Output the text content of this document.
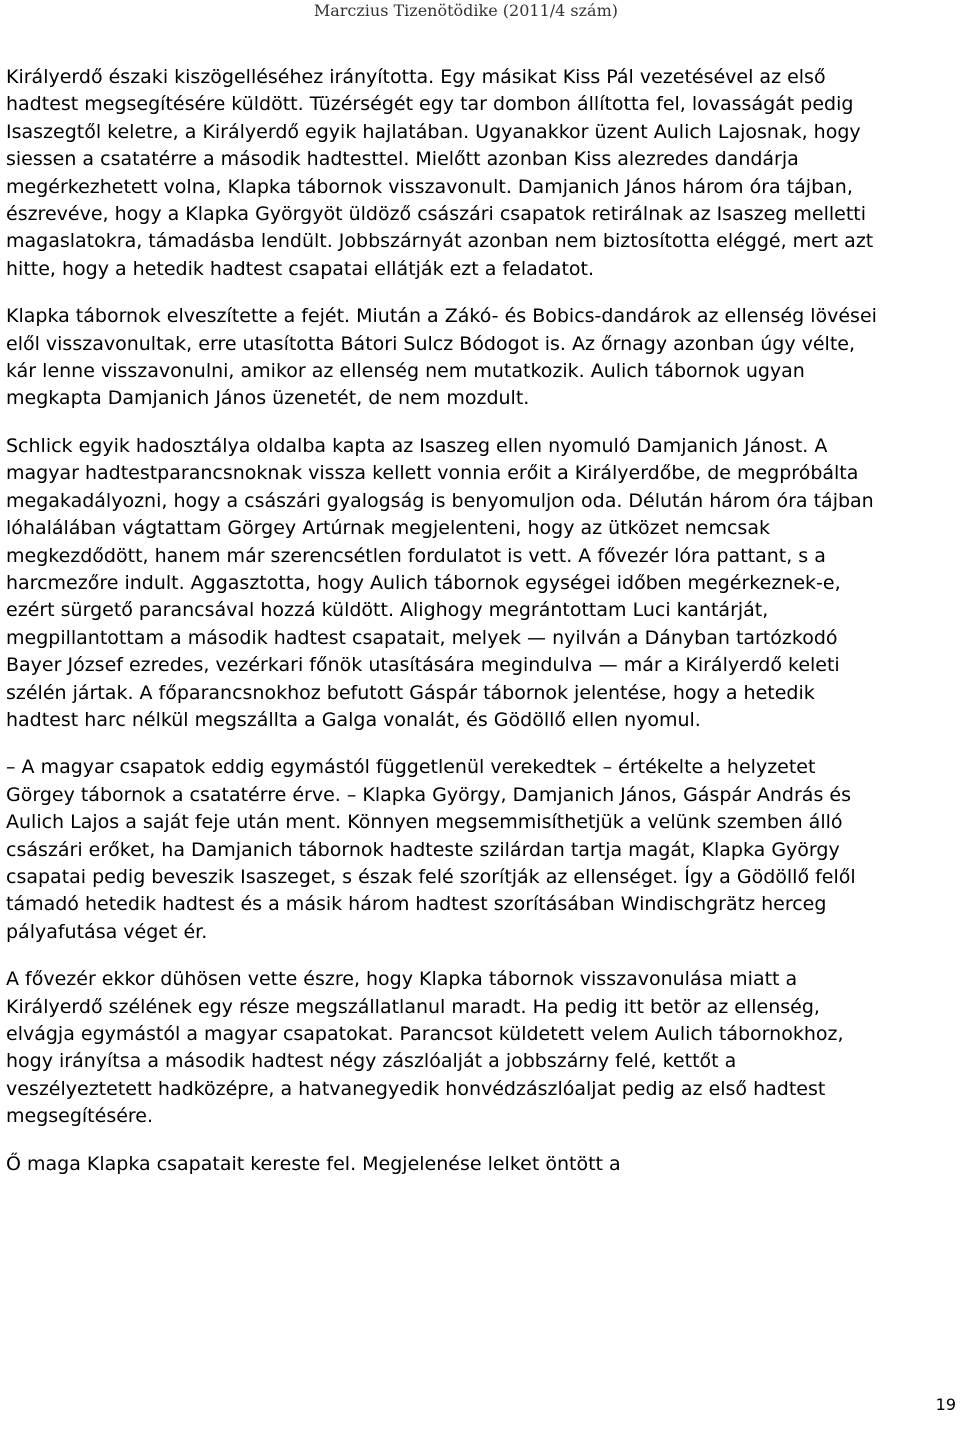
Marczius Tizenötödike (2011/4 szám)

Királyerdő északi kiszögelléséhez irányította. Egy másikat Kiss Pál vezetésével az első hadtest megsegítésére küldött. Tüzérségét egy tar dombon állította fel, lovasságát pedig Isaszegtől keletre, a Királyerdő egyik hajlatában. Ugyanakkor üzent Aulich Lajosnak, hogy siessen a csatatérre a második hadtesttel. Mielőtt azonban Kiss alezredes dandárja megérkezhetett volna, Klapka tábornok visszavonult. Damjanich János három óra tájban, észrevéve, hogy a Klapka Györgyöt üldöző császári csapatok retirálnak az Isaszeg melletti magaslatokra, támadásba lendült. Jobbszárnyát azonban nem biztosította eléggé, mert azt hitte, hogy a hetedik hadtest csapatai ellátják ezt a feladatot.

Klapka tábornok elveszítette a fejét. Miután a Zákó- és Bobics-dandárok az ellenség lövései elől visszavonultak, erre utasította Bátori Sulcz Bódogot is. Az őrnagy azonban úgy vélte, kár lenne visszavonulni, amikor az ellenség nem mutatkozik. Aulich tábornok ugyan megkapta Damjanich János üzenetét, de nem mozdult.

Schlick egyik hadosztálya oldalba kapta az Isaszeg ellen nyomuló Damjanich Jánost. A magyar hadtestparancsnoknak vissza kellett vonnia erőit a Királyerdőbe, de megpróbálta megakadályozni, hogy a császári gyalogság is benyomuljon oda. Délután három óra tájban lóhalálában vágtattam Görgey Artúrnak megjelenteni, hogy az ütközet nemcsak megkezdődött, hanem már szerencsétlen fordulatot is vett. A fővezér lóra pattant, s a harcmezőre indult. Aggasztotta, hogy Aulich tábornok egységei időben megérkeznek-e, ezért sürgető parancsával hozzá küldött. Alighogy megrántottam Luci kantárját, megpillantottam a második hadtest csapatait, melyek — nyilván a Dányban tartózkodó Bayer József ezredes, vezérkari főnök utasítására megindulva — már a Királyerdő keleti szélén jártak. A főparancsnokhoz befutott Gáspár tábornok jelentése, hogy a hetedik hadtest harc nélkül megszállta a Galga vonalát, és Gödöllő ellen nyomul.

– A magyar csapatok eddig egymástól függetlenül verekedtek – értékelte a helyzetet Görgey tábornok a csatatérre érve. – Klapka György, Damjanich János, Gáspár András és Aulich Lajos a saját feje után ment. Könnyen megsemmisíthetjük a velünk szemben álló császári erőket, ha Damjanich tábornok hadteste szilárdan tartja magát, Klapka György csapatai pedig beveszik Isaszeget, s észak felé szorítják az ellenséget. Így a Gödöllő felől támadó hetedik hadtest és a másik három hadtest szorításában Windischgrätz herceg pályafutása véget ér.

A fővezér ekkor dühösen vette észre, hogy Klapka tábornok visszavonulása miatt a Királyerdő szélének egy része megszállatlanul maradt. Ha pedig itt betör az ellenség, elvágja egymástól a magyar csapatokat. Parancsot küldetett velem Aulich tábornokhoz, hogy irányítsa a második hadtest négy zászlóalját a jobbszárny felé, kettőt a veszélyeztetett hadközépre, a hatvanegyedik honvédzászlóaljat pedig az első hadtest megsegítésére.

Ő maga Klapka csapatait kereste fel. Megjelenése lelket öntött a

19
